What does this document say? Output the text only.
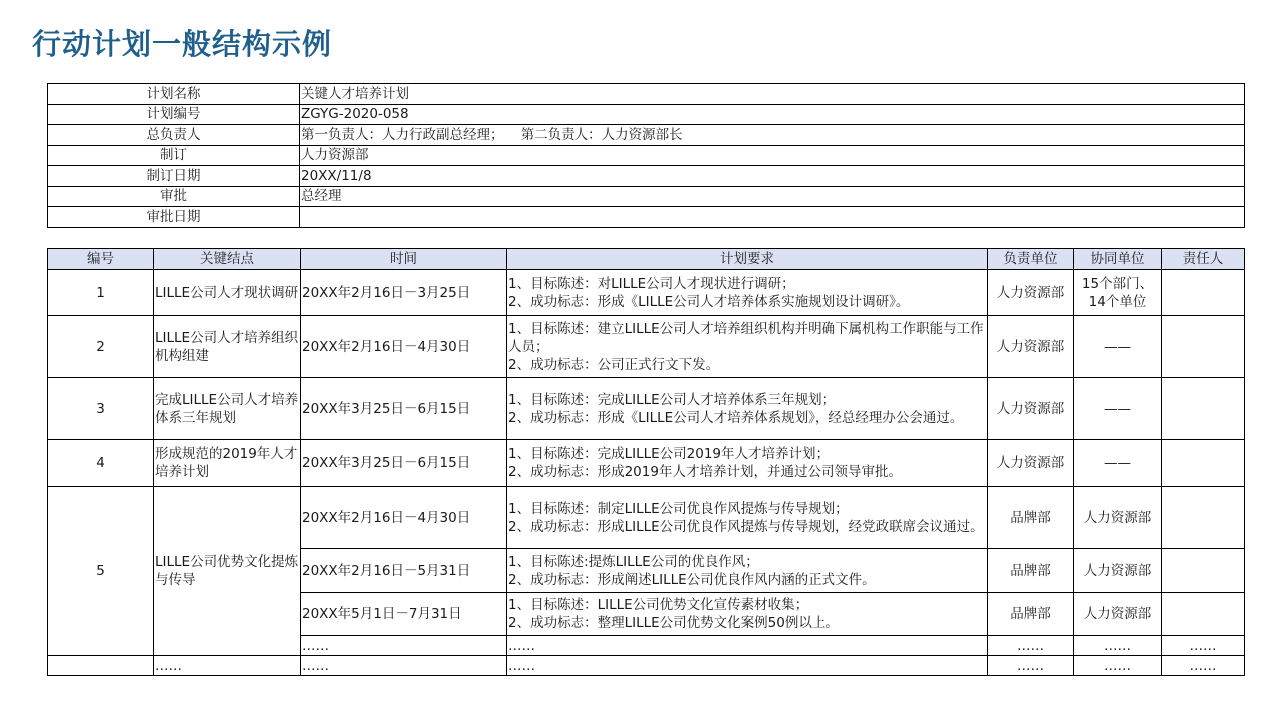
行动计划一般结构示例
计划名称	关键人才培养计划
计划编号	ZGYG-2020-058
总负责人	第一负责人：人力行政副总经理；    第二负责人：人力资源部长
制订	人力资源部
制订日期	20XX/11/8
审批	总经理
审批日期	
编号	关键结点	时间	计划要求	负责单位	协同单位	责任人
1	LILLE公司人才现状调研	20XX年2月16日－3月25日	1、目标陈述：对LILLE公司人才现状进行调研；
2、成功标志：形成《LILLE公司人才培养体系实施规划设计调研》。	人力资源部	15个部门、14个单位	
2	LILLE公司人才培养组织机构组建	20XX年2月16日－4月30日	1、目标陈述：建立LILLE公司人才培养组织机构并明确下属机构工作职能与工作人员；
2、成功标志：公司正式行文下发。	人力资源部	——	
3	完成LILLE公司人才培养体系三年规划	20XX年3月25日－6月15日	1、目标陈述：完成LILLE公司人才培养体系三年规划；
2、成功标志：形成《LILLE公司人才培养体系规划》，经总经理办公会通过。	人力资源部	——	
4	形成规范的2019年人才培养计划	20XX年3月25日－6月15日	1、目标陈述：完成LILLE公司2019年人才培养计划；
2、成功标志：形成2019年人才培养计划，并通过公司领导审批。	人力资源部	——	
5	LILLE公司优势文化提炼与传导	20XX年2月16日－4月30日	1、目标陈述：制定LILLE公司优良作风提炼与传导规划；
2、成功标志：形成LILLE公司优良作风提炼与传导规划，经党政联席会议通过。	品牌部	人力资源部	
		20XX年2月16日－5月31日	1、目标陈述:提炼LILLE公司的优良作风；
2、成功标志：形成阐述LILLE公司优良作风内涵的正式文件。	品牌部	人力资源部	
		20XX年5月1日－7月31日	1、目标陈述：LILLE公司优势文化宣传素材收集；
2、成功标志：整理LILLE公司优势文化案例50例以上。	品牌部	人力资源部	
		……	……	……	……	……
	……	……	……	……	……	……
